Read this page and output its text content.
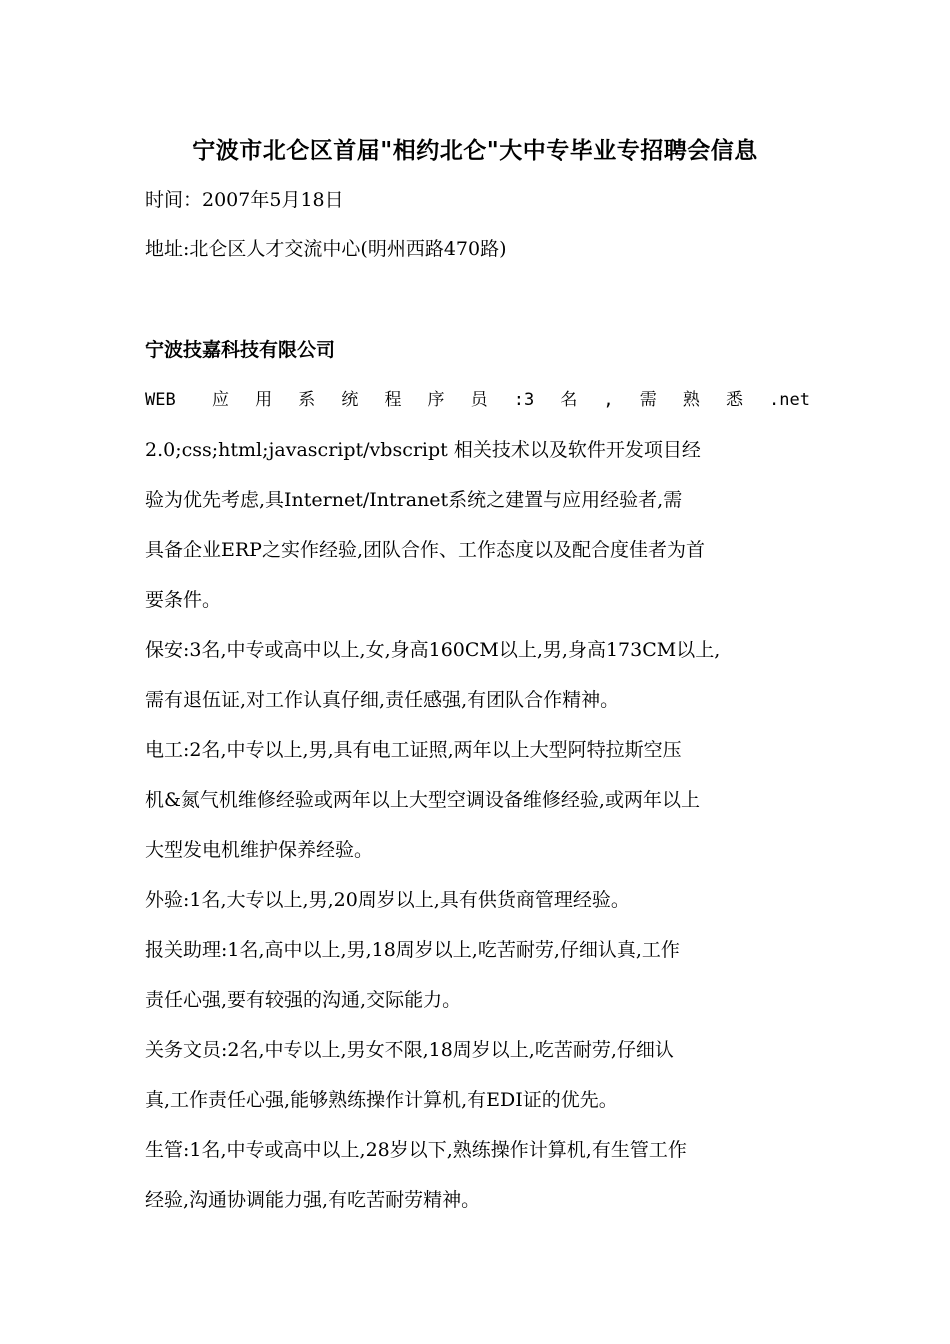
宁波市北仑区首届"相约北仑"大中专毕业专招聘会信息
时间：2007年5月18日
地址:北仑区人才交流中心(明州西路470路)
宁波技嘉科技有限公司
WEB 应用系统程序员:3名,需熟悉.net
2.0;css;html;javascript/vbscript 相关技术以及软件开发项目经
验为优先考虑,具Internet/Intranet系统之建置与应用经验者,需
具备企业ERP之实作经验,团队合作、工作态度以及配合度佳者为首
要条件。
保安:3名,中专或高中以上,女,身高160CM以上,男,身高173CM以上,
需有退伍证,对工作认真仔细,责任感强,有团队合作精神。
电工:2名,中专以上,男,具有电工证照,两年以上大型阿特拉斯空压
机&氮气机维修经验或两年以上大型空调设备维修经验,或两年以上
大型发电机维护保养经验。
外验:1名,大专以上,男,20周岁以上,具有供货商管理经验。
报关助理:1名,高中以上,男,18周岁以上,吃苦耐劳,仔细认真,工作
责任心强,要有较强的沟通,交际能力。
关务文员:2名,中专以上,男女不限,18周岁以上,吃苦耐劳,仔细认
真,工作责任心强,能够熟练操作计算机,有EDI证的优先。
生管:1名,中专或高中以上,28岁以下,熟练操作计算机,有生管工作
经验,沟通协调能力强,有吃苦耐劳精神。
